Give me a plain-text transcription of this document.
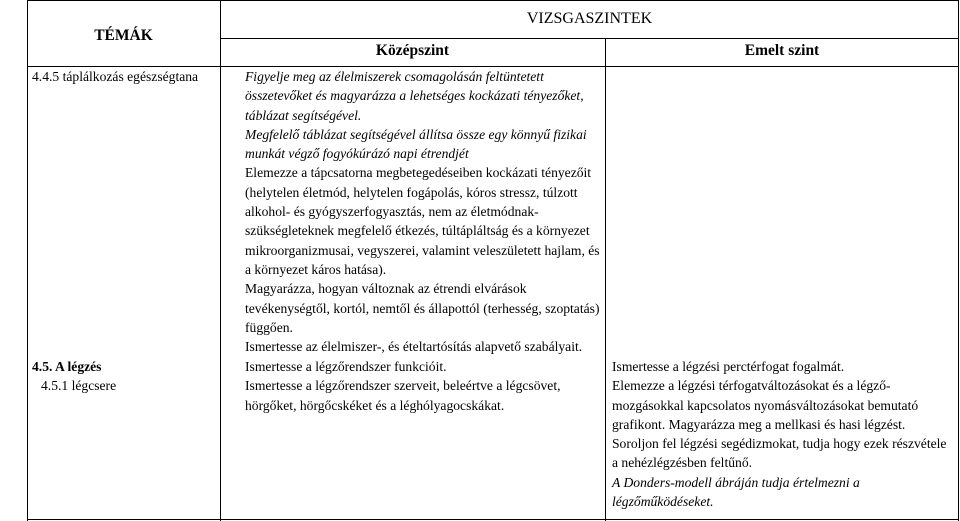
TÉMÁK
VIZSGASZINTEK
Középszint	Emelt szint
4.4.5 táplálkozás egészségtana
4.5. A légzés
4.5.1 légcsere

Figyelje meg az élelmiszerek csomagolásán feltüntetett összetevőket és magyarázza a lehetséges kockázati tényezőket, táblázat segítségével.

Megfelelő táblázat segítségével állítsa össze egy könnyű fizikai munkát végző fogyókúrázó napi étrendjét

Elemezze a tápcsatorna megbetegedéseiben kockázati tényezőit (helytelen életmód, helytelen fogápolás, kóros stressz, túlzott alkohol- és gyógyszerfogyasztás, nem az életmódnak-szükségleteknek megfelelő étkezés, túltápláltság és a környezet mikroorganizmusai, vegyszerei, valamint veleszületett hajlam, és a környezet káros hatása).

Magyarázza, hogyan változnak az étrendi elvárások tevékenységtől, kortól, nemtől és állapottól (terhesség, szoptatás) függően.

Ismertesse az élelmiszer-, és ételtartósítás alapvető szabályait.

Ismertesse a légzőrendszer funkcióit.

Ismertesse a légzőrendszer szerveit, beleértve a légcsövet, hörgőket, hörgőcskéket és a léghólyagocskákat.

Ismertesse a légzési perctérfogat fogalmát.

Elemezze a légzési térfogatváltozásokat és a légző-mozgásokkal kapcsolatos nyomásváltozásokat bemutató grafikont. Magyarázza meg a mellkasi és hasi légzést.

Soroljon fel légzési segédizmokat, tudja hogy ezek részvétele a nehézlégzésben feltűnő.

A Donders-modell ábráján tudja értelmezni a légzőműködéseket.
